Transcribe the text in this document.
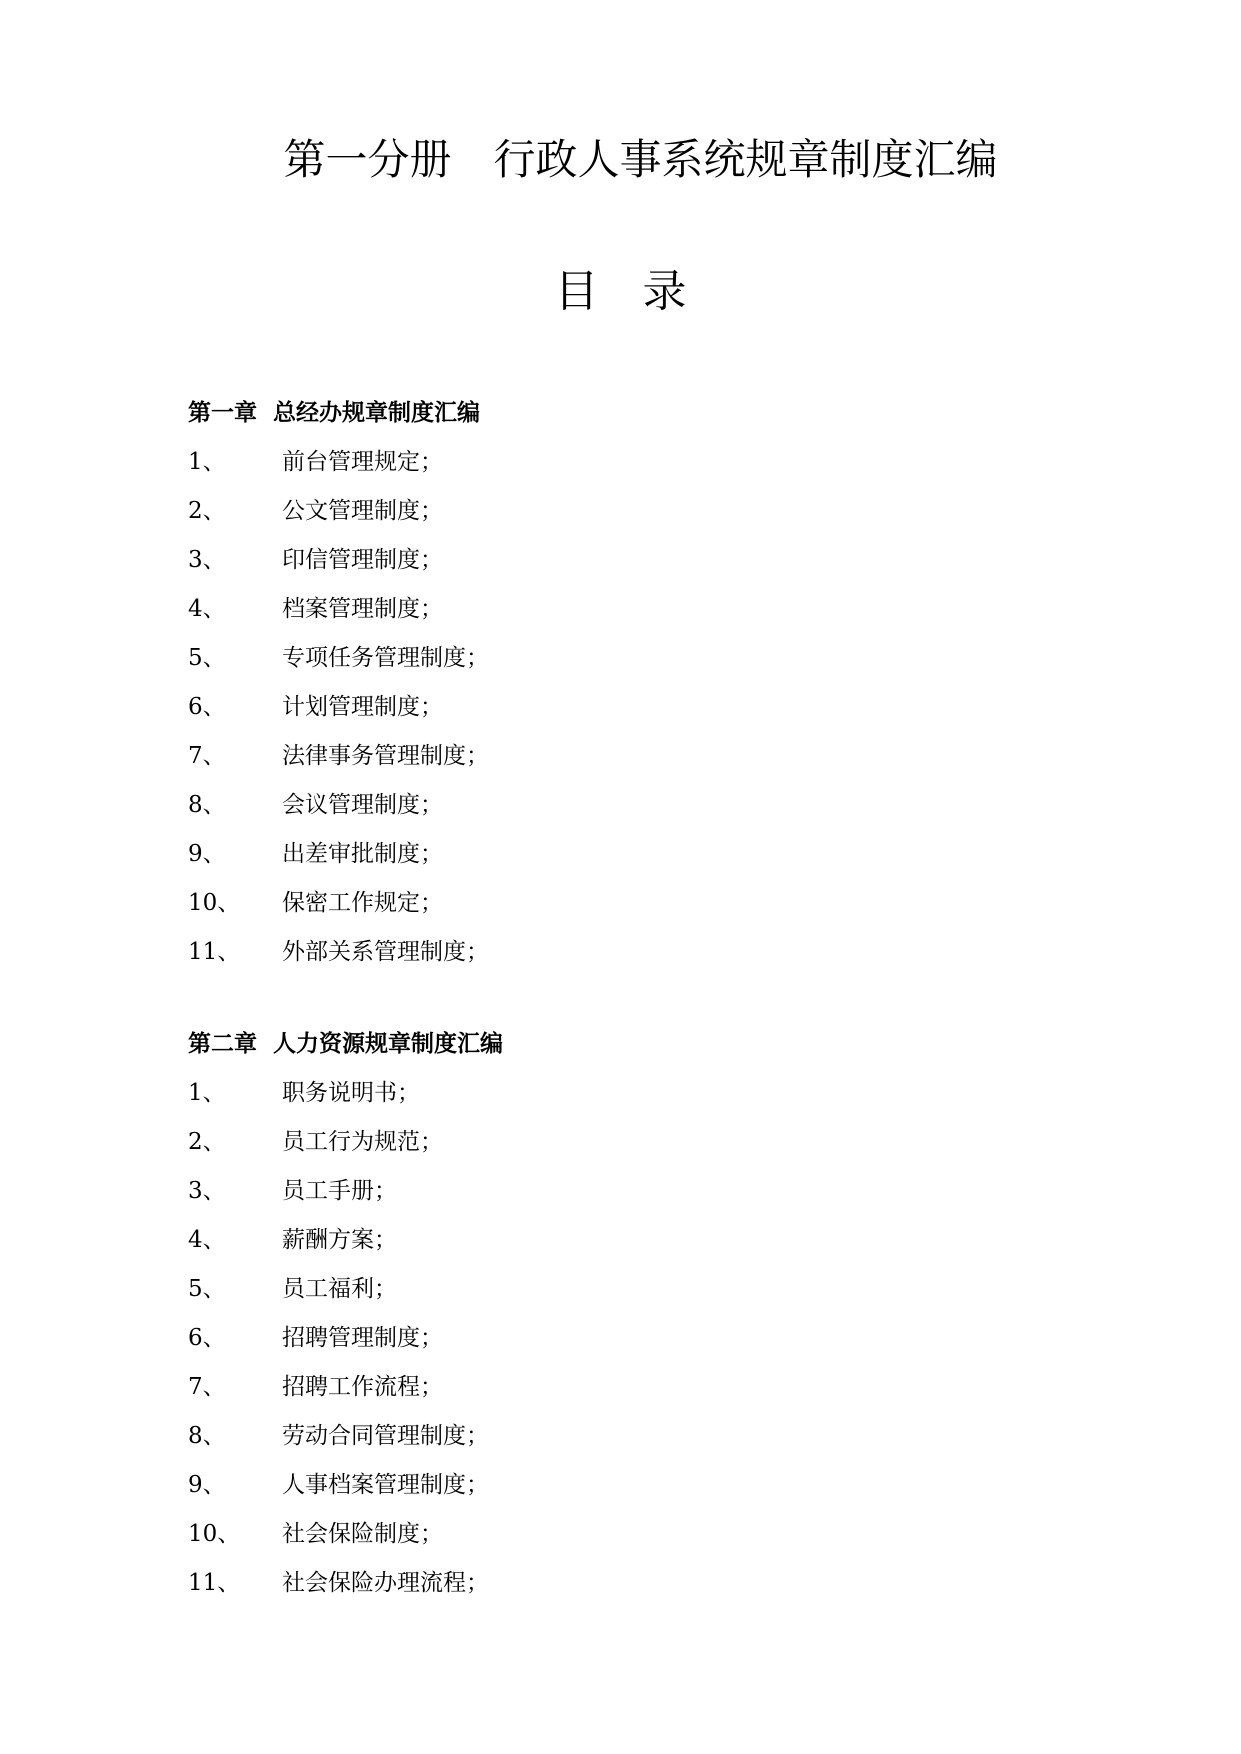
第一分册　行政人事系统规章制度汇编
目　录
第一章  总经办规章制度汇编
1、	前台管理规定；
2、	公文管理制度；
3、	印信管理制度；
4、	档案管理制度；
5、	专项任务管理制度；
6、	计划管理制度；
7、	法律事务管理制度；
8、	会议管理制度；
9、	出差审批制度；
10、	保密工作规定；
11、	外部关系管理制度；
第二章  人力资源规章制度汇编
1、	职务说明书；
2、	员工行为规范；
3、	员工手册；
4、	薪酬方案；
5、	员工福利；
6、	招聘管理制度；
7、	招聘工作流程；
8、	劳动合同管理制度；
9、	人事档案管理制度；
10、	社会保险制度；
11、	社会保险办理流程；
